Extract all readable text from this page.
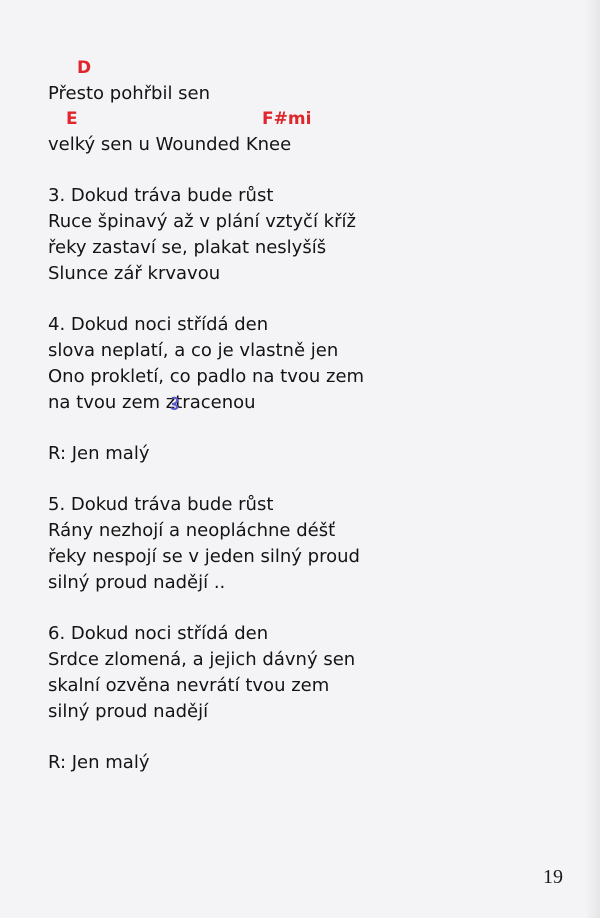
D
Přesto pohřbil sen
E	F#mi
velký sen u Wounded Knee
3. Dokud tráva bude růst
Ruce špinavý až v plání vztyčí kříž
řeky zastaví se, plakat neslyšíš
Slunce zář krvavou
4. Dokud noci střídá den
slova neplatí, a co je vlastně jen
Ono prokletí, co padlo na tvou zem
na tvou zem ztracenou
R: Jen malý
5. Dokud tráva bude růst
Rány nezhojí a neopláchne déšť
řeky nespojí se v jeden silný proud
silný proud nadějí ..
6. Dokud noci střídá den
Srdce zlomená, a jejich dávný sen
skalní ozvěna nevrátí tvou zem
silný proud nadějí
R: Jen malý
19
